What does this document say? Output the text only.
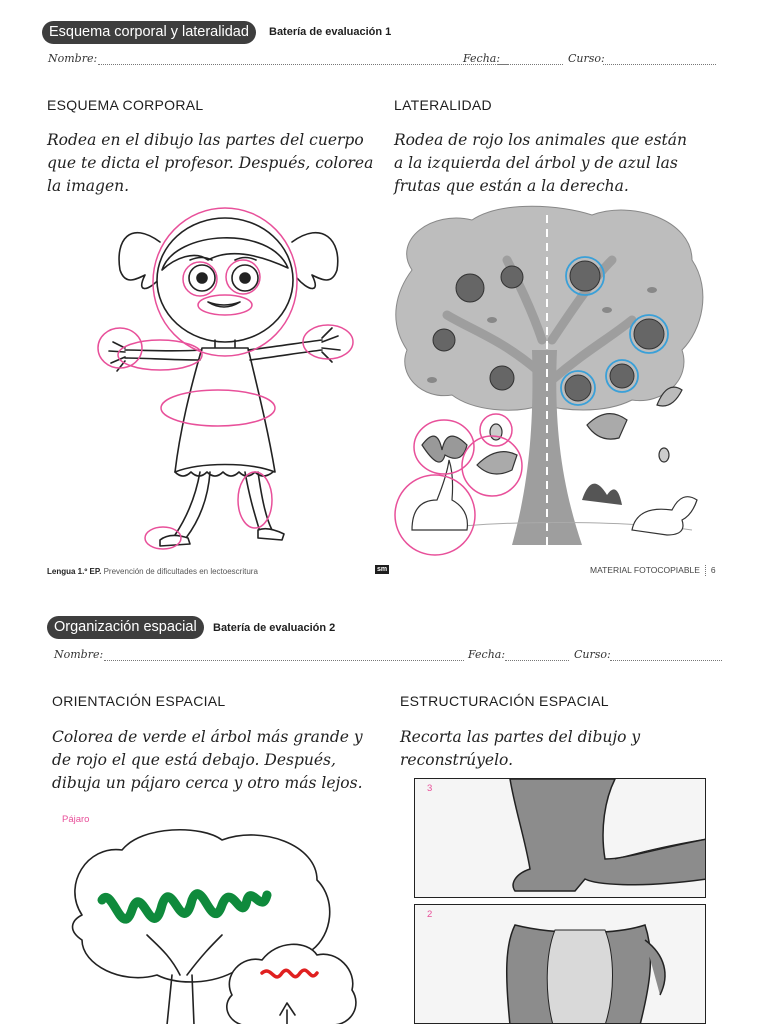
Esquema corporal y lateralidad	Batería de evaluación 1
Nombre:	Fecha:	Curso:
ESQUEMA CORPORAL
Rodea en el dibujo las partes del cuerpo
que te dicta el profesor. Después, colorea
la imagen.
LATERALIDAD
Rodea de rojo los animales que están
a la izquierda del árbol y de azul las
frutas que están a la derecha.
Lengua 1.º EP. Prevención de dificultades en lectoescritura	sm	MATERIAL FOTOCOPIABLE 6
Organización espacial	Batería de evaluación 2
Nombre:	Fecha:	Curso:
ORIENTACIÓN ESPACIAL
Colorea de verde el árbol más grande y
de rojo el que está debajo. Después,
dibuja un pájaro cerca y otro más lejos.
Pájaro
ESTRUCTURACIÓN ESPACIAL
Recorta las partes del dibujo y
reconstrúyelo.
3
2
